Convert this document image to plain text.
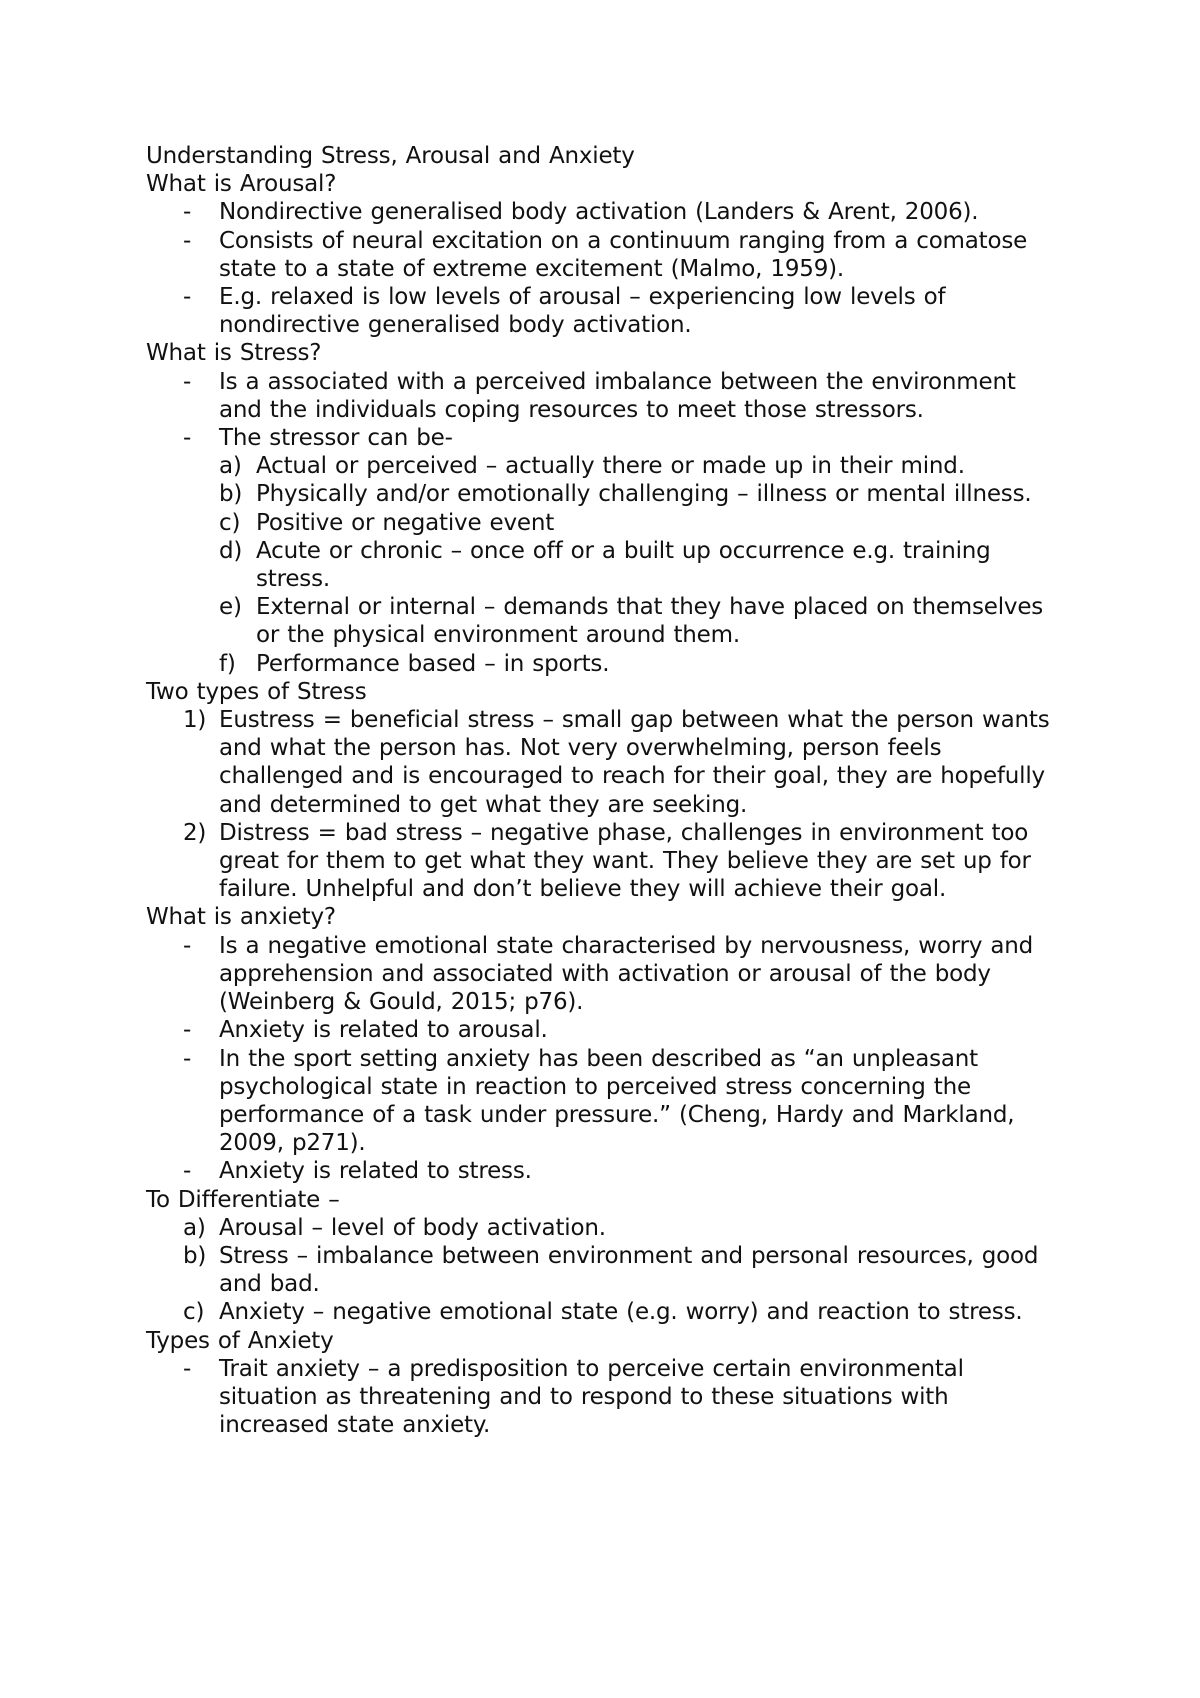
Understanding Stress, Arousal and Anxiety

What is Arousal?

- Nondirective generalised body activation (Landers & Arent, 2006).
- Consists of neural excitation on a continuum ranging from a comatose state to a state of extreme excitement (Malmo, 1959).
- E.g. relaxed is low levels of arousal – experiencing low levels of nondirective generalised body activation.

What is Stress?

- Is a associated with a perceived imbalance between the environment and the individuals coping resources to meet those stressors.
- The stressor can be-
a) Actual or perceived – actually there or made up in their mind.
b) Physically and/or emotionally challenging – illness or mental illness.
c) Positive or negative event
d) Acute or chronic – once off or a built up occurrence e.g. training stress.
e) External or internal – demands that they have placed on themselves or the physical environment around them.
f) Performance based – in sports.

Two types of Stress

1) Eustress = beneficial stress – small gap between what the person wants and what the person has. Not very overwhelming, person feels challenged and is encouraged to reach for their goal, they are hopefully and determined to get what they are seeking.
2) Distress = bad stress – negative phase, challenges in environment too great for them to get what they want. They believe they are set up for failure. Unhelpful and don’t believe they will achieve their goal.

What is anxiety?

- Is a negative emotional state characterised by nervousness, worry and apprehension and associated with activation or arousal of the body (Weinberg & Gould, 2015; p76).
- Anxiety is related to arousal.
- In the sport setting anxiety has been described as “an unpleasant psychological state in reaction to perceived stress concerning the performance of a task under pressure.” (Cheng, Hardy and Markland, 2009, p271).
- Anxiety is related to stress.

To Differentiate –

a) Arousal – level of body activation.
b) Stress – imbalance between environment and personal resources, good and bad.
c) Anxiety – negative emotional state (e.g. worry) and reaction to stress.

Types of Anxiety

- Trait anxiety – a predisposition to perceive certain environmental situation as threatening and to respond to these situations with increased state anxiety.
